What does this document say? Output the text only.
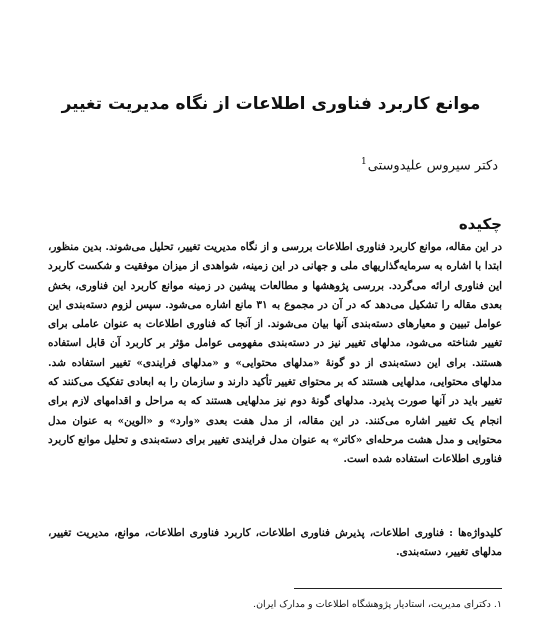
موانع کاربرد فناوری اطلاعات از نگاه مدیریت تغییر
دکتر سیروس علیدوستی$^1$
چکیده
در این مقاله، موانع کاربرد فناوری اطلاعات بررسی و از نگاه مدیریت تغییر، تحلیل می‌شوند. بدین منظور، ابتدا با اشاره به سرمایه‌گذاریهای ملی و جهانی در این زمینه، شواهدی از میزان موفقیت و شکست کاربرد این فناوری ارائه می‌گردد. بررسی پژوهشها و مطالعات پیشین در زمینه موانع کاربرد این فناوری، بخش بعدی مقاله را تشکیل می‌دهد که در آن در مجموع به ۳۱ مانع اشاره می‌شود. سپس لزوم دسته‌بندی این عوامل تبیین و معیارهای دسته‌بندی آنها بیان می‌شوند. از آنجا که فناوری اطلاعات به عنوان عاملی برای تغییر شناخته می‌شود، مدلهای تغییر نیز در دسته‌بندی مفهومی عوامل مؤثر بر کاربرد آن قابل استفاده هستند. برای این دسته‌بندی از دو گونهٔ «مدلهای محتوایی» و «مدلهای فرایندی» تغییر استفاده شد. مدلهای محتوایی، مدلهایی هستند که بر محتوای تغییر تأکید دارند و سازمان را به ابعادی تفکیک می‌کنند که تغییر باید در آنها صورت پذیرد. مدلهای گونهٔ دوم نیز مدلهایی هستند که به مراحل و اقدامهای لازم برای انجام یک تغییر اشاره می‌کنند. در این مقاله، از مدل هفت بعدی «وارد» و «الوین» به عنوان مدل محتوایی و مدل هشت مرحله‌ای «کاتر» به عنوان مدل فرایندی تغییر برای دسته‌بندی و تحلیل موانع کاربرد فناوری اطلاعات استفاده شده است.
کلیدواژه‌ها : فناوری اطلاعات، پذیرش فناوری اطلاعات، کاربرد فناوری اطلاعات، موانع، مدیریت تغییر، مدلهای تغییر، دسته‌بندی.
۱. دکترای مدیریت، استادیار پژوهشگاه اطلاعات و مدارک ایران.
